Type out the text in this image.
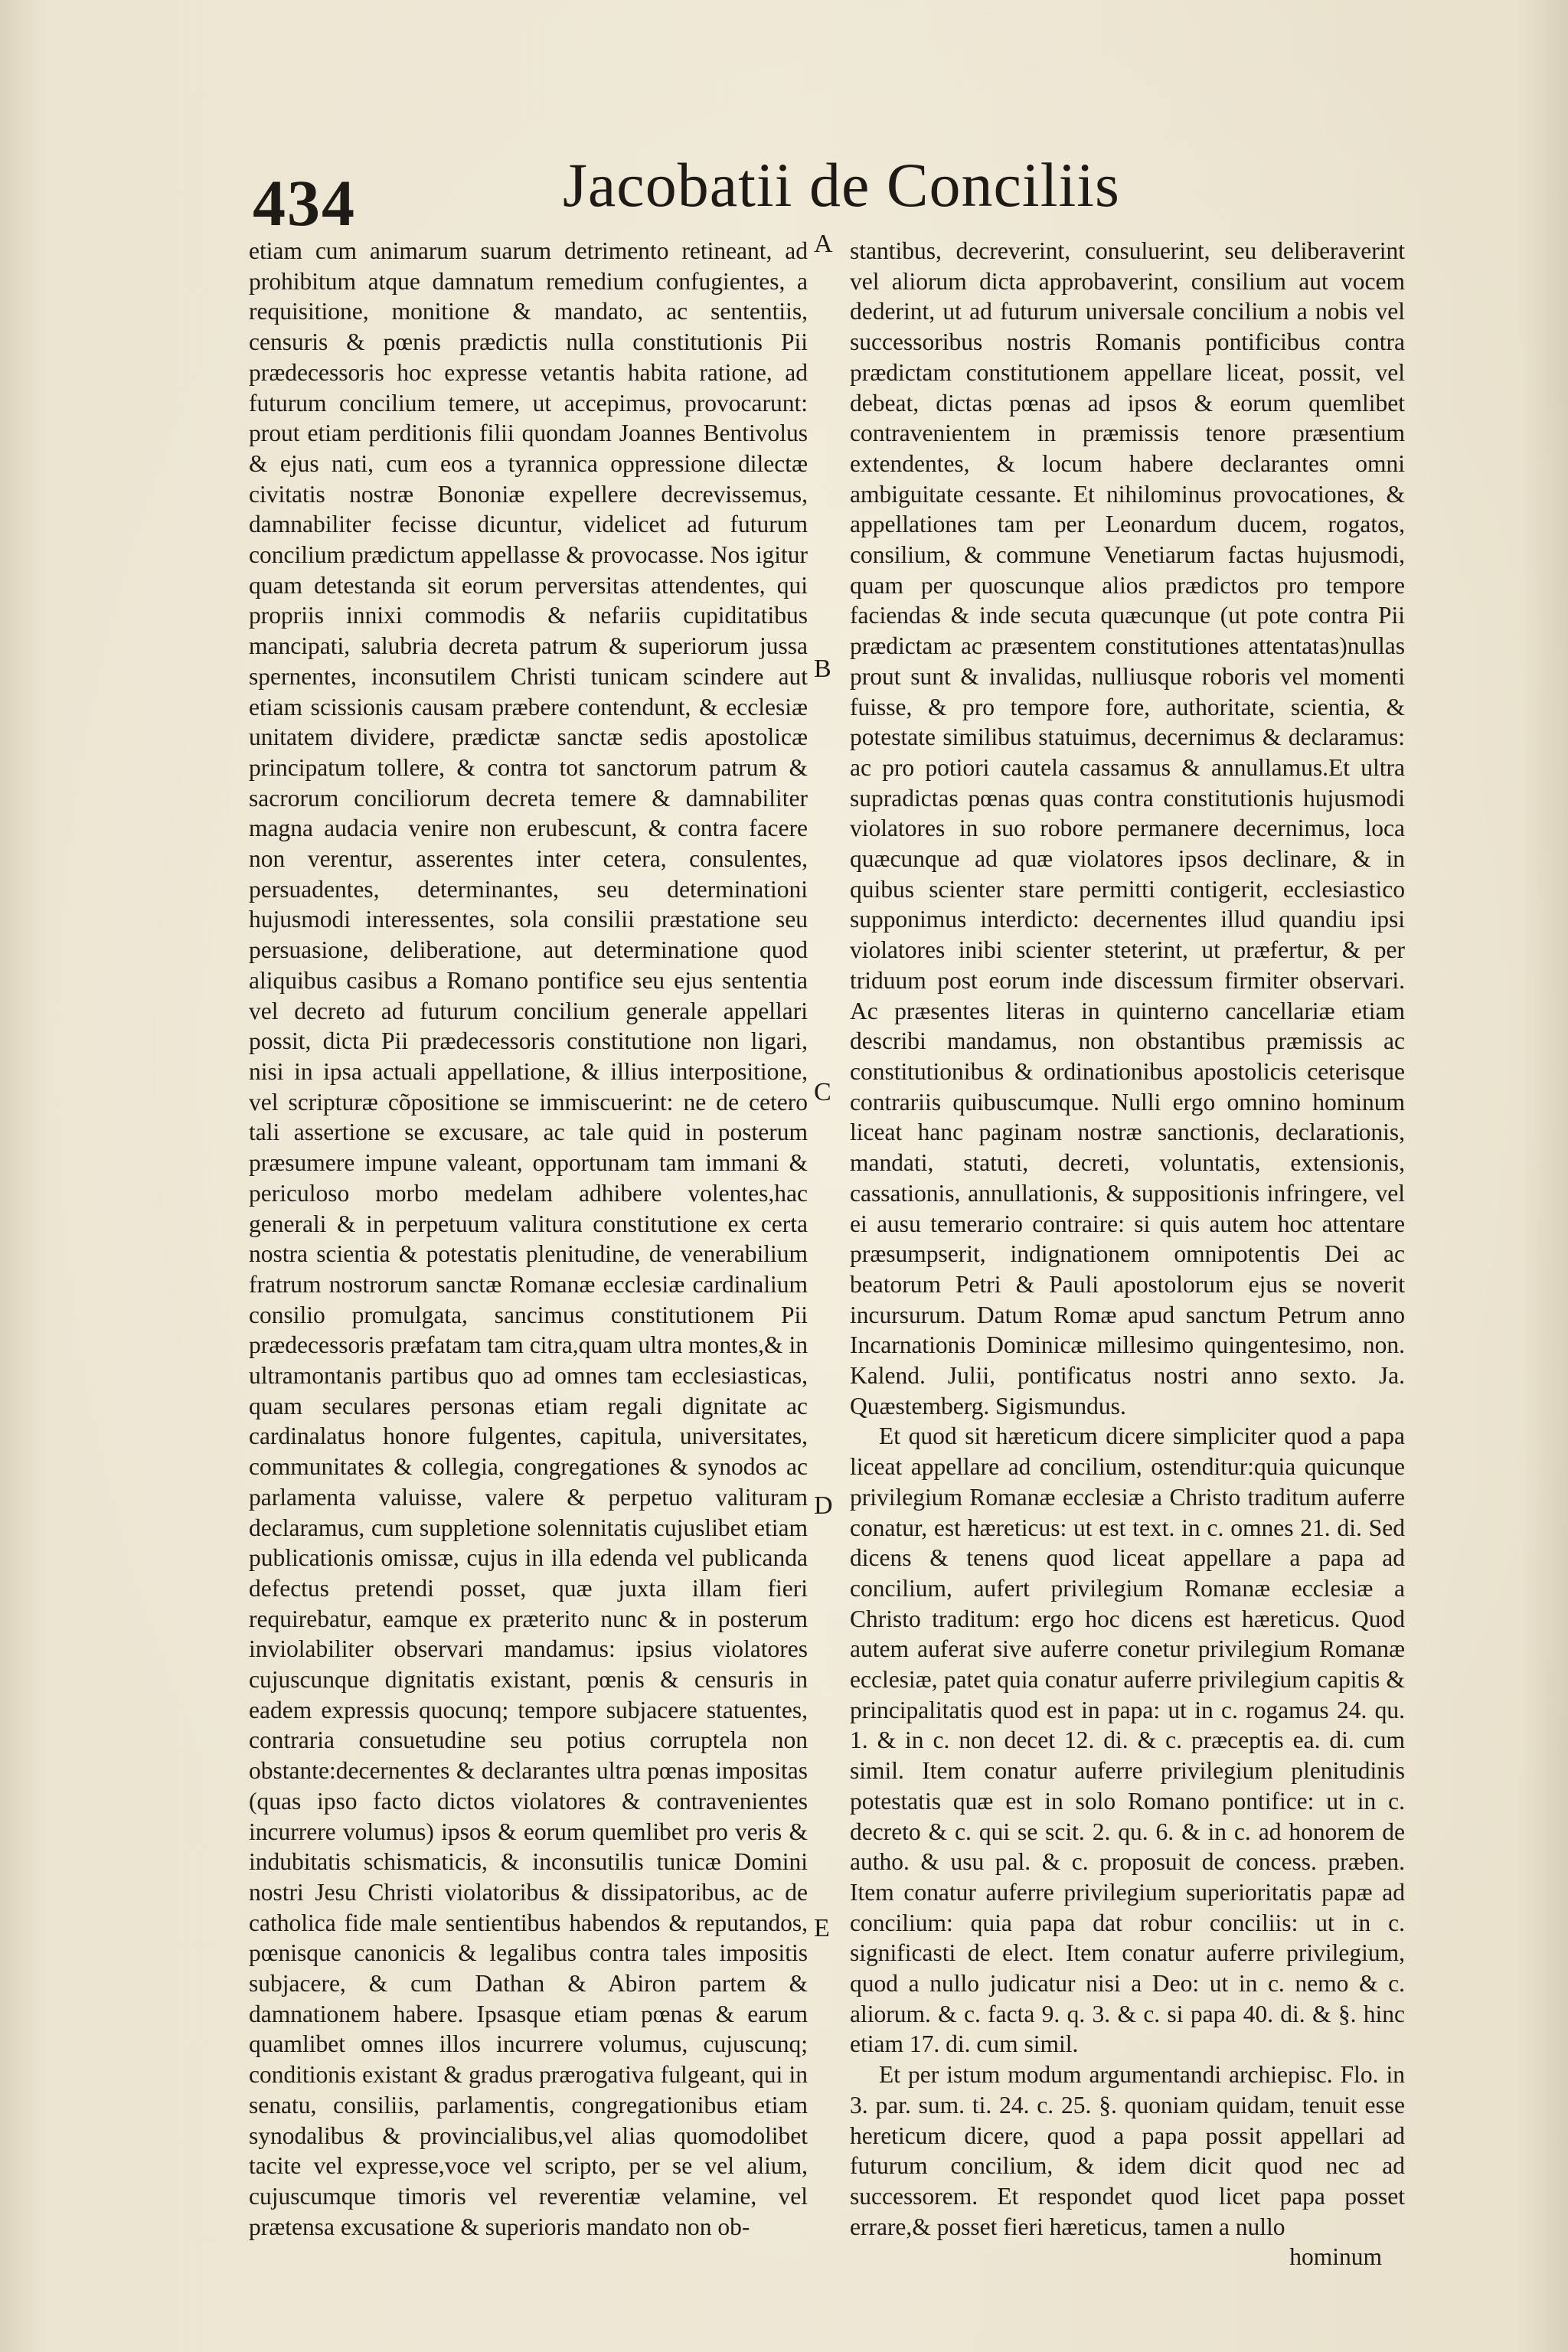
434	Jacobatii de Conciliis

etiam cum animarum suarum detrimento retineant, ad prohibitum atque damnatum remedium confugientes, a requisitione, monitione & mandato, ac sententiis, censuris & pœnis prædictis nulla constitutionis Pii prædecessoris hoc expresse vetantis habita ratione, ad futurum concilium temere, ut accepimus, provocarunt: prout etiam perditionis filii quondam Joannes Bentivolus & ejus nati, cum eos a tyrannica oppressione dilectæ civitatis nostræ Bononiæ expellere decrevissemus, damnabiliter fecisse dicuntur, videlicet ad futurum concilium prædictum appellasse & provocasse. Nos igitur quam detestanda sit eorum perversitas attendentes, qui propriis innixi commodis & nefariis cupiditatibus mancipati, salubria decreta patrum & superiorum jussa spernentes, inconsutilem Christi tunicam scindere aut etiam scissionis causam præbere contendunt, & ecclesiæ unitatem dividere, prædictæ sanctæ sedis apostolicæ principatum tollere, & contra tot sanctorum patrum & sacrorum conciliorum decreta temere & damnabiliter magna audacia venire non erubescunt, & contra facere non verentur, asserentes inter cetera, consulentes, persuadentes, determinantes, seu determinationi hujusmodi interessentes, sola consilii præstatione seu persuasione, deliberatione, aut determinatione quod aliquibus casibus a Romano pontifice seu ejus sententia vel decreto ad futurum concilium generale appellari possit, dicta Pii prædecessoris constitutione non ligari, nisi in ipsa actuali appellatione, & illius interpositione, vel scripturæ cõpositione se immiscuerint: ne de cetero tali assertione se excusare, ac tale quid in posterum præsumere impune valeant, opportunam tam immani & periculoso morbo medelam adhibere volentes,hac generali & in perpetuum valitura constitutione ex certa nostra scientia & potestatis plenitudine, de venerabilium fratrum nostrorum sanctæ Romanæ ecclesiæ cardinalium consilio promulgata, sancimus constitutionem Pii prædecessoris præfatam tam citra,quam ultra montes,& in ultramontanis partibus quo ad omnes tam ecclesiasticas, quam seculares personas etiam regali dignitate ac cardinalatus honore fulgentes, capitula, universitates, communitates & collegia, congregationes & synodos ac parlamenta valuisse, valere & perpetuo valituram declaramus, cum suppletione solennitatis cujuslibet etiam publicationis omissæ, cujus in illa edenda vel publicanda defectus pretendi posset, quæ juxta illam fieri requirebatur, eamque ex præterito nunc & in posterum inviolabiliter observari mandamus: ipsius violatores cujuscunque dignitatis existant, pœnis & censuris in eadem expressis quocunq; tempore subjacere statuentes, contraria consuetudine seu potius corruptela non obstante:decernentes & declarantes ultra pœnas impositas (quas ipso facto dictos violatores & contravenientes incurrere volumus) ipsos & eorum quemlibet pro veris & indubitatis schismaticis, & inconsutilis tunicæ Domini nostri Jesu Christi violatoribus & dissipatoribus, ac de catholica fide male sentientibus habendos & reputandos, pœnisque canonicis & legalibus contra tales impositis subjacere, & cum Dathan & Abiron partem & damnationem habere. Ipsasque etiam pœnas & earum quamlibet omnes illos incurrere volumus, cujuscunq; conditionis existant & gradus prærogativa fulgeant, qui in senatu, consiliis, parlamentis, congregationibus etiam synodalibus & provincialibus,vel alias quomodolibet tacite vel expresse,voce vel scripto, per se vel alium, cujuscumque timoris vel reverentiæ velamine, vel prætensa excusatione & superioris mandato non ob-

A
B
C
D
E

stantibus, decreverint, consuluerint, seu deliberaverint vel aliorum dicta approbaverint, consilium aut vocem dederint, ut ad futurum universale concilium a nobis vel successoribus nostris Romanis pontificibus contra prædictam constitutionem appellare liceat, possit, vel debeat, dictas pœnas ad ipsos & eorum quemlibet contravenientem in præmissis tenore præsentium extendentes, & locum habere declarantes omni ambiguitate cessante. Et nihilominus provocationes, & appellationes tam per Leonardum ducem, rogatos, consilium, & commune Venetiarum factas hujusmodi, quam per quoscunque alios prædictos pro tempore faciendas & inde secuta quæcunque (ut pote contra Pii prædictam ac præsentem constitutiones attentatas)nullas prout sunt & invalidas, nulliusque roboris vel momenti fuisse, & pro tempore fore, authoritate, scientia, & potestate similibus statuimus, decernimus & declaramus: ac pro potiori cautela cassamus & annullamus.Et ultra supradictas pœnas quas contra constitutionis hujusmodi violatores in suo robore permanere decernimus, loca quæcunque ad quæ violatores ipsos declinare, & in quibus scienter stare permitti contigerit, ecclesiastico supponimus interdicto: decernentes illud quandiu ipsi violatores inibi scienter steterint, ut præfertur, & per triduum post eorum inde discessum firmiter observari. Ac præsentes literas in quinterno cancellariæ etiam describi mandamus, non obstantibus præmissis ac constitutionibus & ordinationibus apostolicis ceterisque contrariis quibuscumque. Nulli ergo omnino hominum liceat hanc paginam nostræ sanctionis, declarationis, mandati, statuti, decreti, voluntatis, extensionis, cassationis, annullationis, & suppositionis infringere, vel ei ausu temerario contraire: si quis autem hoc attentare præsumpserit, indignationem omnipotentis Dei ac beatorum Petri & Pauli apostolorum ejus se noverit incursurum. Datum Romæ apud sanctum Petrum anno Incarnationis Dominicæ millesimo quingentesimo, non. Kalend. Julii, pontificatus nostri anno sexto. Ja. Quæstemberg. Sigismundus.

Et quod sit hæreticum dicere simpliciter quod a papa liceat appellare ad concilium, ostenditur:quia quicunque privilegium Romanæ ecclesiæ a Christo traditum auferre conatur, est hæreticus: ut est text. in c. omnes 21. di. Sed dicens & tenens quod liceat appellare a papa ad concilium, aufert privilegium Romanæ ecclesiæ a Christo traditum: ergo hoc dicens est hæreticus. Quod autem auferat sive auferre conetur privilegium Romanæ ecclesiæ, patet quia conatur auferre privilegium capitis & principalitatis quod est in papa: ut in c. rogamus 24. qu. 1. & in c. non decet 12. di. & c. præceptis ea. di. cum simil. Item conatur auferre privilegium plenitudinis potestatis quæ est in solo Romano pontifice: ut in c. decreto & c. qui se scit. 2. qu. 6. & in c. ad honorem de autho. & usu pal. & c. proposuit de concess. præben. Item conatur auferre privilegium superioritatis papæ ad concilium: quia papa dat robur conciliis: ut in c. significasti de elect. Item conatur auferre privilegium, quod a nullo judicatur nisi a Deo: ut in c. nemo & c. aliorum. & c. facta 9. q. 3. & c. si papa 40. di. & §. hinc etiam 17. di. cum simil.

Et per istum modum argumentandi archiepisc. Flo. in 3. par. sum. ti. 24. c. 25. §. quoniam quidam, tenuit esse hereticum dicere, quod a papa possit appellari ad futurum concilium, & idem dicit quod nec ad successorem. Et respondet quod licet papa posset errare,& posset fieri hæreticus, tamen a nullo

hominum
